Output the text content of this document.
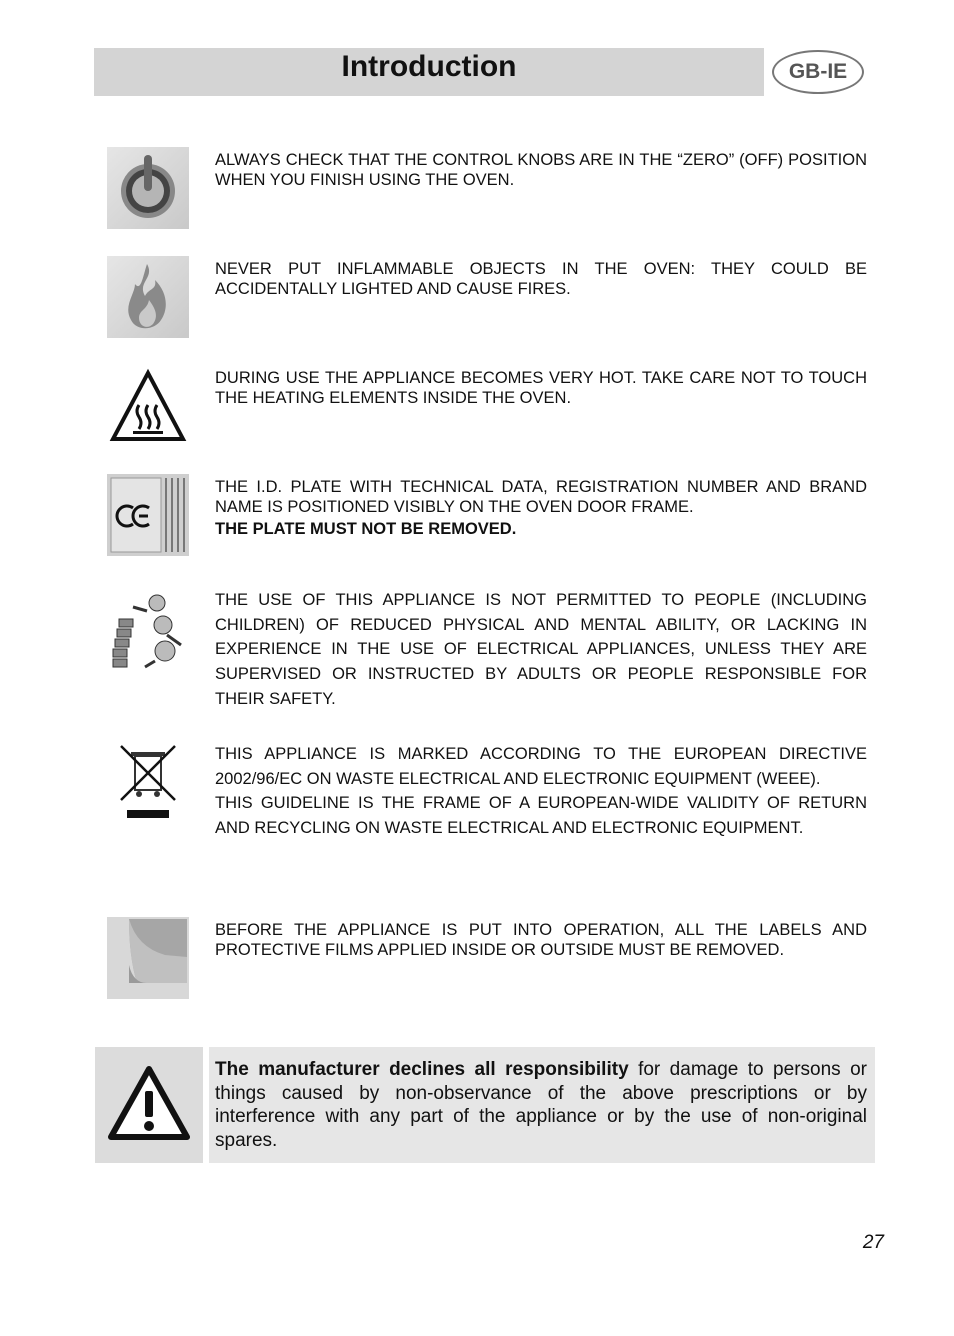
Introduction	GB-IE
ALWAYS CHECK THAT THE CONTROL KNOBS ARE IN THE “ZERO” (OFF) POSITION WHEN YOU FINISH USING THE OVEN.
NEVER PUT INFLAMMABLE OBJECTS IN THE OVEN: THEY COULD BE ACCIDENTALLY LIGHTED AND CAUSE FIRES.
DURING USE THE APPLIANCE BECOMES VERY HOT. TAKE CARE NOT TO TOUCH THE HEATING ELEMENTS INSIDE THE OVEN.

THE I.D. PLATE WITH TECHNICAL DATA, REGISTRATION NUMBER AND BRAND NAME IS POSITIONED VISIBLY ON THE OVEN DOOR FRAME.

THE PLATE MUST NOT BE REMOVED.

THE USE OF THIS APPLIANCE IS NOT PERMITTED TO PEOPLE (INCLUDING CHILDREN) OF REDUCED PHYSICAL AND MENTAL ABILITY, OR LACKING IN EXPERIENCE IN THE USE OF ELECTRICAL APPLIANCES, UNLESS THEY ARE SUPERVISED OR INSTRUCTED BY ADULTS OR PEOPLE RESPONSIBLE FOR THEIR SAFETY.

THIS APPLIANCE IS MARKED ACCORDING TO THE EUROPEAN DIRECTIVE 2002/96/EC ON WASTE ELECTRICAL AND ELECTRONIC EQUIPMENT (WEEE).

THIS GUIDELINE IS THE FRAME OF A EUROPEAN-WIDE VALIDITY OF RETURN AND RECYCLING ON WASTE ELECTRICAL AND ELECTRONIC EQUIPMENT.

BEFORE THE APPLIANCE IS PUT INTO OPERATION, ALL THE LABELS AND PROTECTIVE FILMS APPLIED INSIDE OR OUTSIDE MUST BE REMOVED.
The manufacturer declines all responsibility for damage to persons or things caused by non-observance of the above prescriptions or by interference with any part of the appliance or by the use of non-original spares.
27
